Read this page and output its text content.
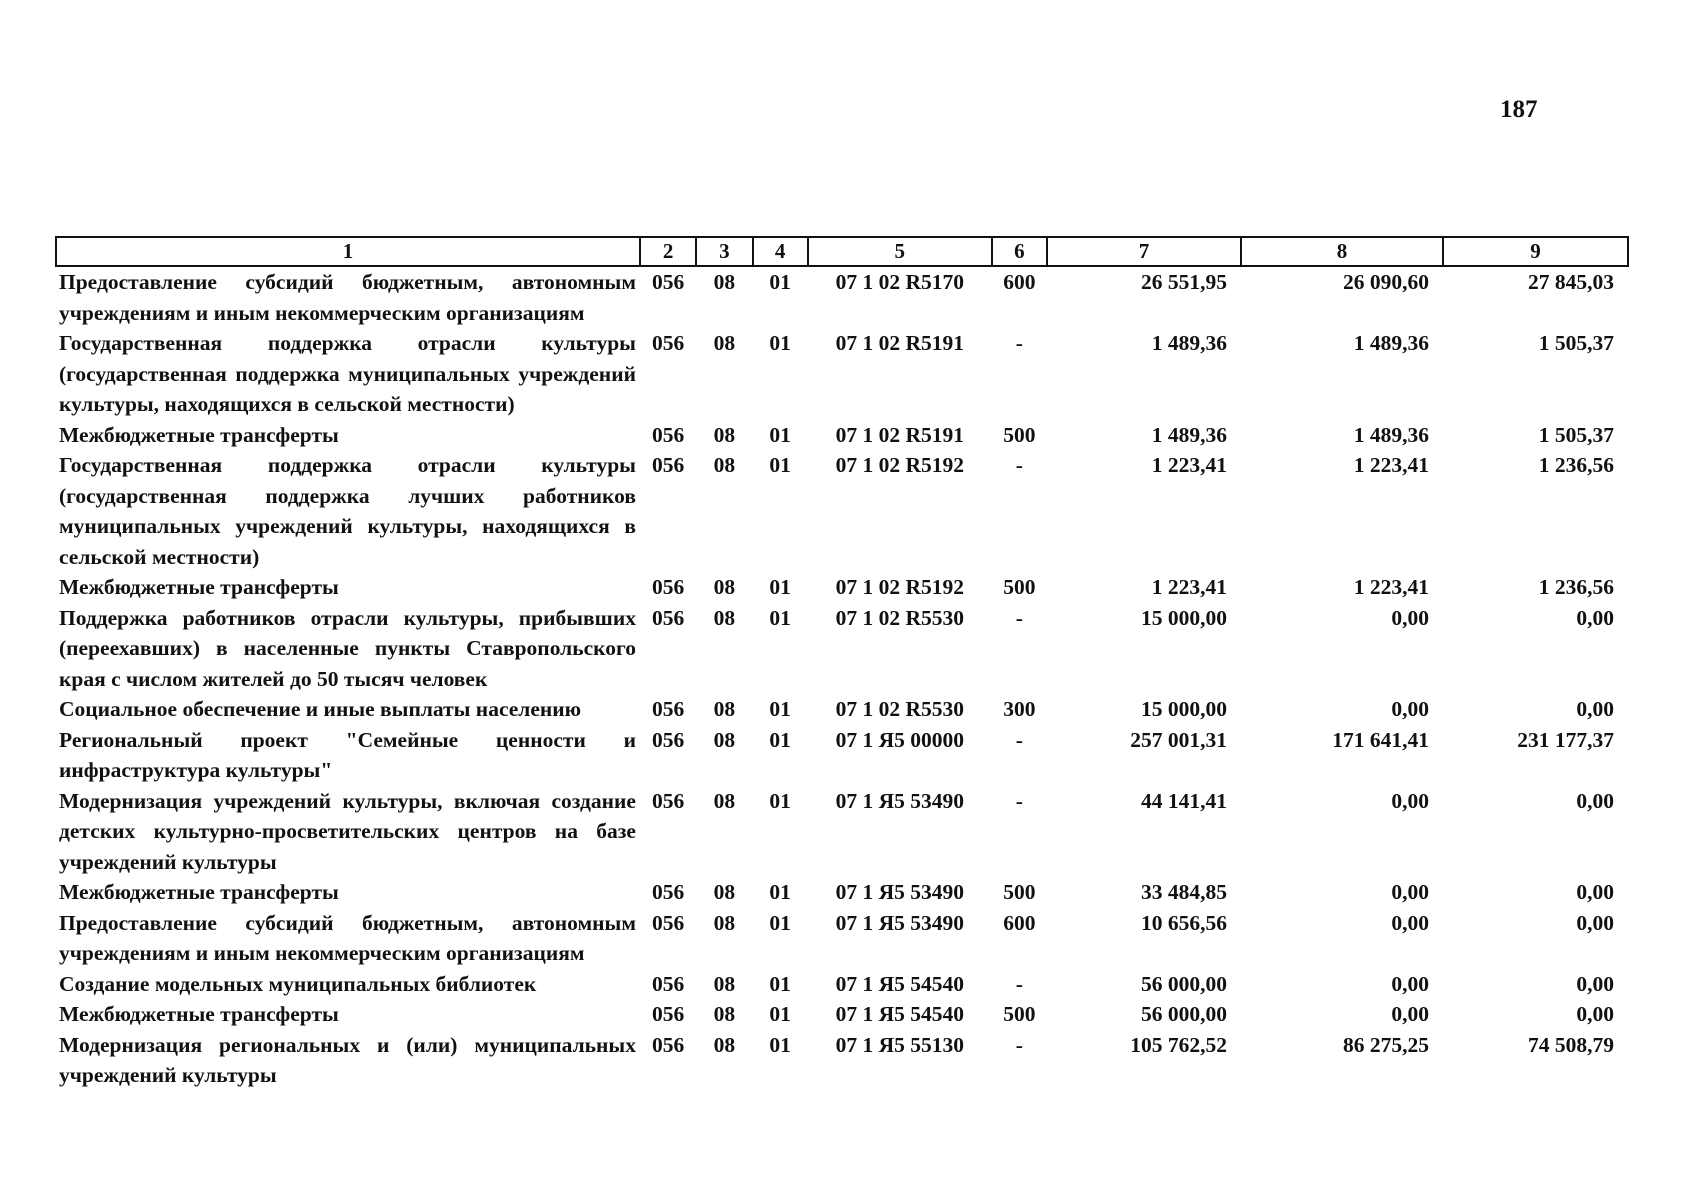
187
1	2	3	4	5	6	7	8	9
Предоставление субсидий бюджетным, автономным учреждениям и иным некоммерческим организациям	056	08	01	07 1 02 R5170	600	26 551,95	26 090,60	27 845,03
Государственная поддержка отрасли культуры (государственная поддержка муниципальных учреждений культуры, находящихся в сельской местности)	056	08	01	07 1 02 R5191	-	1 489,36	1 489,36	1 505,37
Межбюджетные трансферты	056	08	01	07 1 02 R5191	500	1 489,36	1 489,36	1 505,37
Государственная поддержка отрасли культуры (государственная поддержка лучших работников муниципальных учреждений культуры, находящихся в сельской местности)	056	08	01	07 1 02 R5192	-	1 223,41	1 223,41	1 236,56
Межбюджетные трансферты	056	08	01	07 1 02 R5192	500	1 223,41	1 223,41	1 236,56
Поддержка работников отрасли культуры, прибывших (переехавших) в населенные пункты Ставропольского края с числом жителей до 50 тысяч человек	056	08	01	07 1 02 R5530	-	15 000,00	0,00	0,00
Социальное обеспечение и иные выплаты населению	056	08	01	07 1 02 R5530	300	15 000,00	0,00	0,00
Региональный проект "Семейные ценности и инфраструктура культуры"	056	08	01	07 1 Я5 00000	-	257 001,31	171 641,41	231 177,37
Модернизация учреждений культуры, включая создание детских культурно-просветительских центров на базе учреждений культуры	056	08	01	07 1 Я5 53490	-	44 141,41	0,00	0,00
Межбюджетные трансферты	056	08	01	07 1 Я5 53490	500	33 484,85	0,00	0,00
Предоставление субсидий бюджетным, автономным учреждениям и иным некоммерческим организациям	056	08	01	07 1 Я5 53490	600	10 656,56	0,00	0,00
Создание модельных муниципальных библиотек	056	08	01	07 1 Я5 54540	-	56 000,00	0,00	0,00
Межбюджетные трансферты	056	08	01	07 1 Я5 54540	500	56 000,00	0,00	0,00
Модернизация региональных и (или) муниципальных учреждений культуры	056	08	01	07 1 Я5 55130	-	105 762,52	86 275,25	74 508,79
